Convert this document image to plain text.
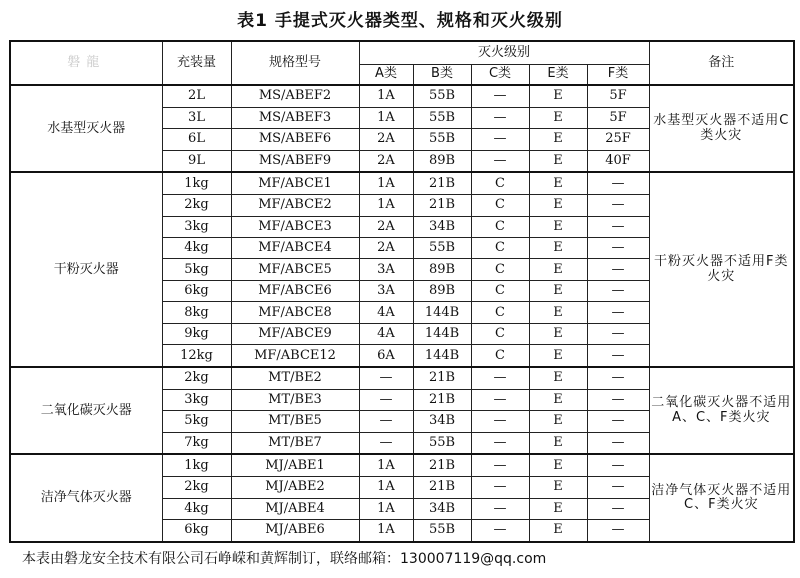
表1 手提式灭火器类型、规格和灭火级别
磐龍	充装量	规格型号	灭火级别					备注
			A类	B类	C类	E类	F类	
水基型灭火器	2L	MS/ABEF2	1A	55B	—	E	5F	水基型灭火器不适用C类火灾
	3L	MS/ABEF3	1A	55B	—	E	5F	
	6L	MS/ABEF6	2A	55B	—	E	25F	
	9L	MS/ABEF9	2A	89B	—	E	40F	
干粉灭火器	1kg	MF/ABCE1	1A	21B	C	E	—	干粉灭火器不适用F类火灾
	2kg	MF/ABCE2	1A	21B	C	E	—	
	3kg	MF/ABCE3	2A	34B	C	E	—	
	4kg	MF/ABCE4	2A	55B	C	E	—	
	5kg	MF/ABCE5	3A	89B	C	E	—	
	6kg	MF/ABCE6	3A	89B	C	E	—	
	8kg	MF/ABCE8	4A	144B	C	E	—	
	9kg	MF/ABCE9	4A	144B	C	E	—	
	12kg	MF/ABCE12	6A	144B	C	E	—	
二氧化碳灭火器	2kg	MT/BE2	—	21B	—	E	—	二氧化碳灭火器不适用A、C、F类火灾
	3kg	MT/BE3	—	21B	—	E	—	
	5kg	MT/BE5	—	34B	—	E	—	
	7kg	MT/BE7	—	55B	—	E	—	
洁净气体灭火器	1kg	MJ/ABE1	1A	21B	—	E	—	洁净气体灭火器不适用C、F类火灾
	2kg	MJ/ABE2	1A	21B	—	E	—	
	4kg	MJ/ABE4	1A	34B	—	E	—	
	6kg	MJ/ABE6	1A	55B	—	E	—	
本表由磐龙安全技术有限公司石峥嵘和黄辉制订，联络邮箱：130007119@qq.com
